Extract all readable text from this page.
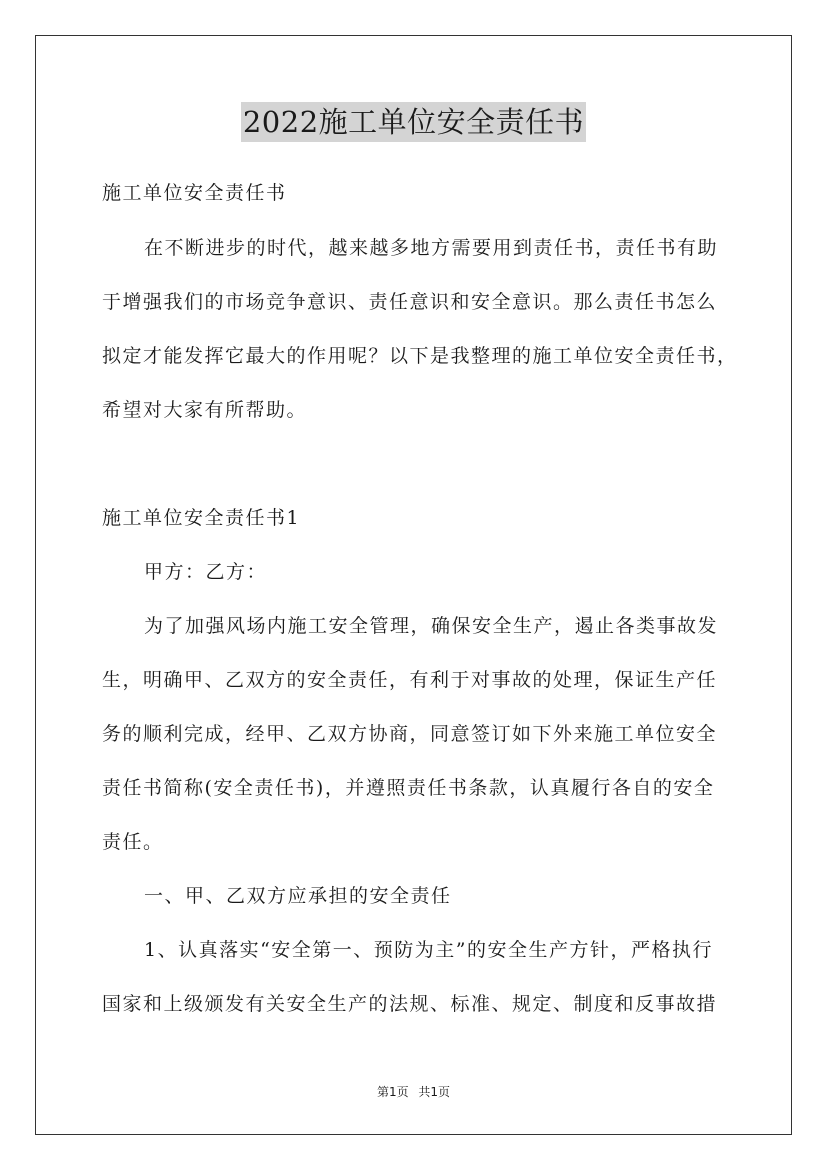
2022施工单位安全责任书
施工单位安全责任书
在不断进步的时代，越来越多地方需要用到责任书，责任书有助
于增强我们的市场竞争意识、责任意识和安全意识。那么责任书怎么
拟定才能发挥它最大的作用呢？以下是我整理的施工单位安全责任书，
希望对大家有所帮助。
施工单位安全责任书1
甲方：乙方：
为了加强风场内施工安全管理，确保安全生产，遏止各类事故发
生，明确甲、乙双方的安全责任，有利于对事故的处理，保证生产任
务的顺利完成，经甲、乙双方协商，同意签订如下外来施工单位安全
责任书简称(安全责任书)，并遵照责任书条款，认真履行各自的安全
责任。
一、甲、乙双方应承担的安全责任
1、认真落实“安全第一、预防为主”的安全生产方针，严格执行
国家和上级颁发有关安全生产的法规、标准、规定、制度和反事故措
第1页 共1页
